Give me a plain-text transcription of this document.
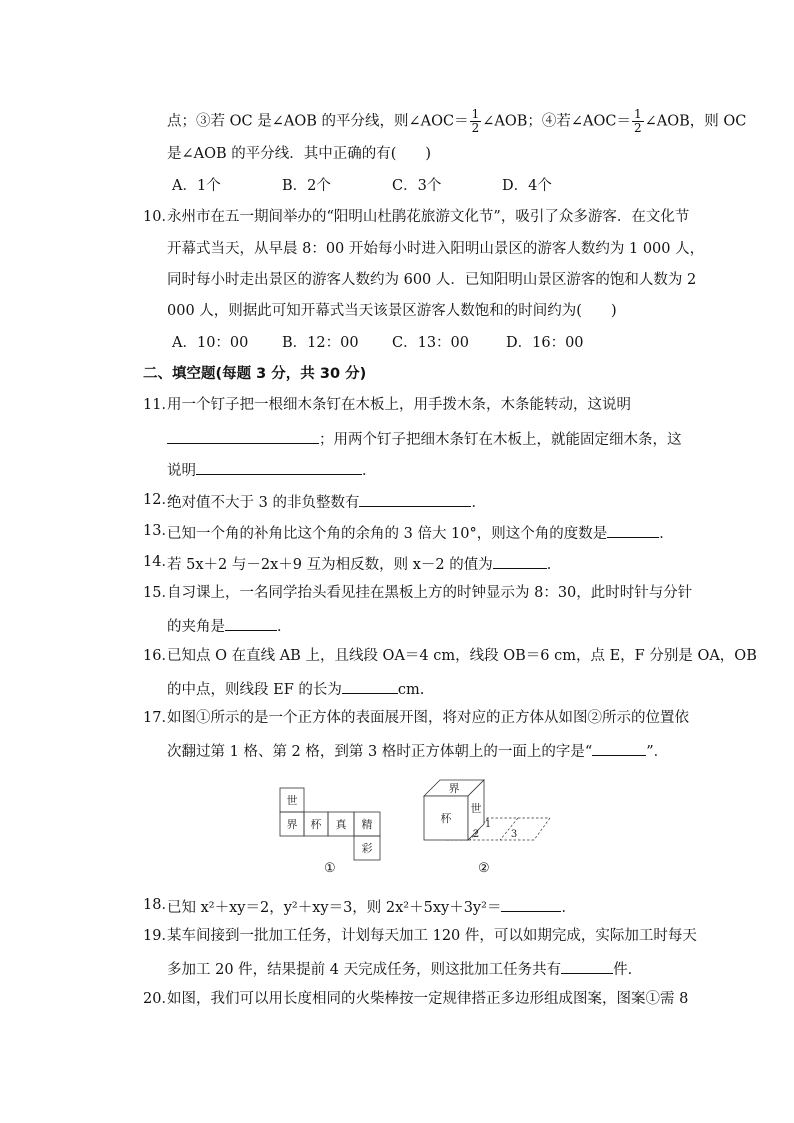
点；③若 OC 是∠AOB 的平分线，则∠AOC＝ $\frac{1}{2}$ ∠AOB；④若∠AOC＝ $\frac{1}{2}$ ∠AOB，则 OC
是∠AOB 的平分线．其中正确的有(　　)
A．1个	B．2个	C．3个	D．4个
10．
永州市在五一期间举办的“阳明山杜鹃花旅游文化节”，吸引了众多游客．在文化节
开幕式当天，从早晨 8：00 开始每小时进入阳明山景区的游客人数约为 1 000 人，
同时每小时走出景区的游客人数约为 600 人．已知阳明山景区游客的饱和人数为 2
000 人，则据此可知开幕式当天该景区游客人数饱和的时间约为(　　)
A．10：00 B．12：00 C．13：00	D．16：00
二、填空题(每题 3 分，共 30 分)
11．
用一个钉子把一根细木条钉在木板上，用手拨木条，木条能转动，这说明
；用两个钉子把细木条钉在木板上，就能固定细木条，这
说明	．
12．
绝对值不大于 3 的非负整数有	．
13．
已知一个角的补角比这个角的余角的 3 倍大 10°，则这个角的度数是	．
14．
若 5x＋2 与－2x＋9 互为相反数，则 x－2 的值为	．
15．
自习课上，一名同学抬头看见挂在黑板上方的时钟显示为 8：30，此时时针与分针
的夹角是	．
16．
已知点 O 在直线 AB 上，且线段 OA＝4 cm，线段 OB＝6 cm，点 E，F 分别是 OA，OB
的中点，则线段 EF 的长为	cm.
17．
如图①所示的是一个正方体的表面展开图，将对应的正方体从如图②所示的位置依
次翻过第 1 格、第 2 格，到第 3 格时正方体朝上的一面上的字是“	”．
世
界 杯 真 精
彩
①
界
杯
世
1
2	3
②
18．
已知 x²＋xy＝2，y²＋xy＝3，则 2x²＋5xy＋3y²＝	．
19．
某车间接到一批加工任务，计划每天加工 120 件，可以如期完成，实际加工时每天
多加工 20 件，结果提前 4 天完成任务，则这批加工任务共有	件．
20．
如图，我们可以用长度相同的火柴棒按一定规律搭正多边形组成图案，图案①需 8
